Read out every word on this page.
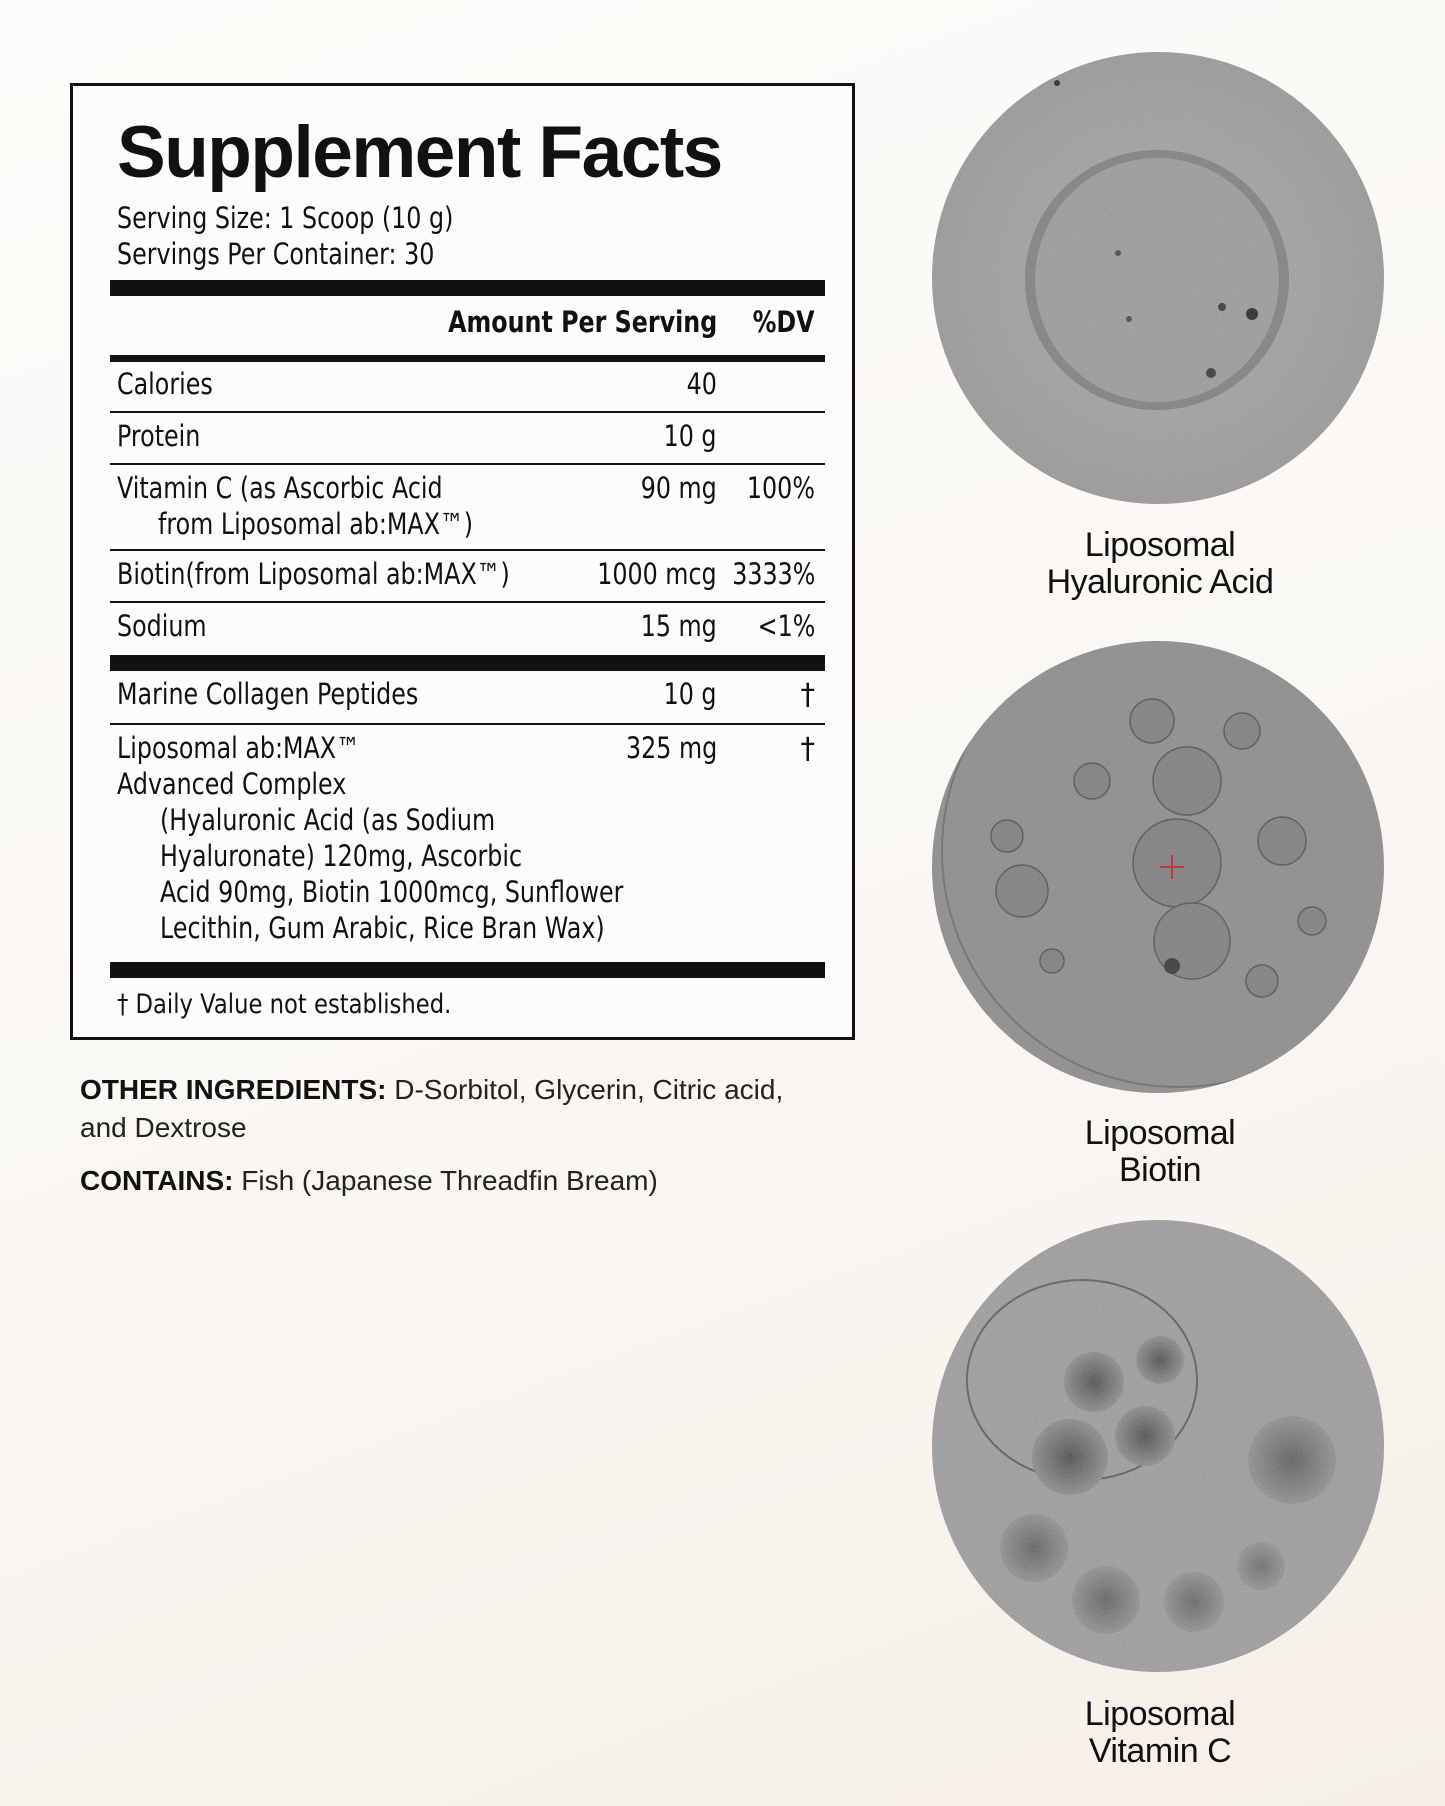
Supplement Facts
Serving Size: 1 Scoop (10 g)
Servings Per Container: 30
Amount Per Serving	%DV
Calories	40
Protein	10 g
Vitamin C (as Ascorbic Acid
from Liposomal ab:MAX™)
90 mg	100%
Biotin(from Liposomal ab:MAX™)	1000 mcg 3333%
Sodium	15 mg	<1%
Marine Collagen Peptides	10 g	†
Liposomal ab:MAX™
Advanced Complex
325 mg	†
(Hyaluronic Acid (as Sodium
Hyaluronate) 120mg, Ascorbic
Acid 90mg, Biotin 1000mcg, Sunflower
Lecithin, Gum Arabic, Rice Bran Wax)
† Daily Value not established.
OTHER INGREDIENTS: D-Sorbitol, Glycerin, Citric acid,
and Dextrose
CONTAINS: Fish (Japanese Threadfin Bream)
Liposomal
Hyaluronic Acid
Liposomal
Biotin
Liposomal
Vitamin C
